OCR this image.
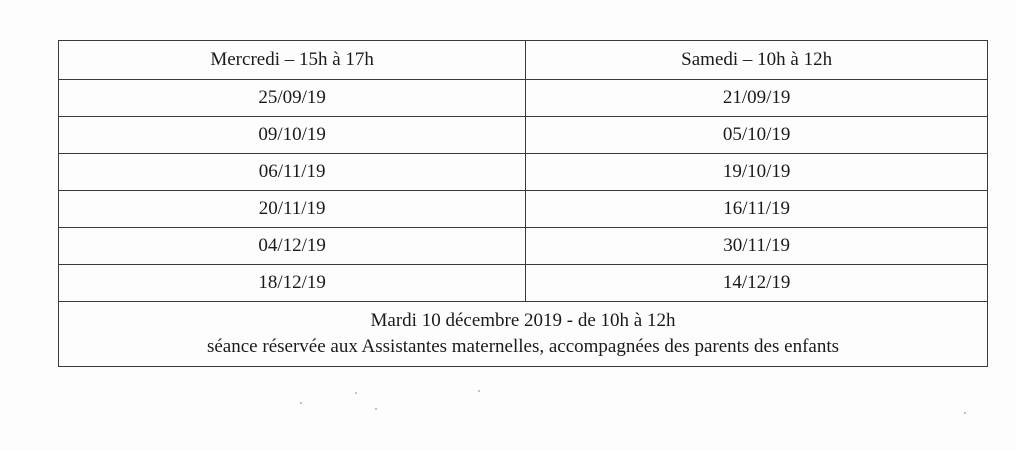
Mercredi – 15h à 17h	Samedi – 10h à 12h
25/09/19	21/09/19
09/10/19	05/10/19
06/11/19	19/10/19
20/11/19	16/11/19
04/12/19	30/11/19
18/12/19	14/12/19

Mardi 10 décembre 2019 - de 10h à 12h
séance réservée aux Assistantes maternelles, accompagnées des parents des enfants	
